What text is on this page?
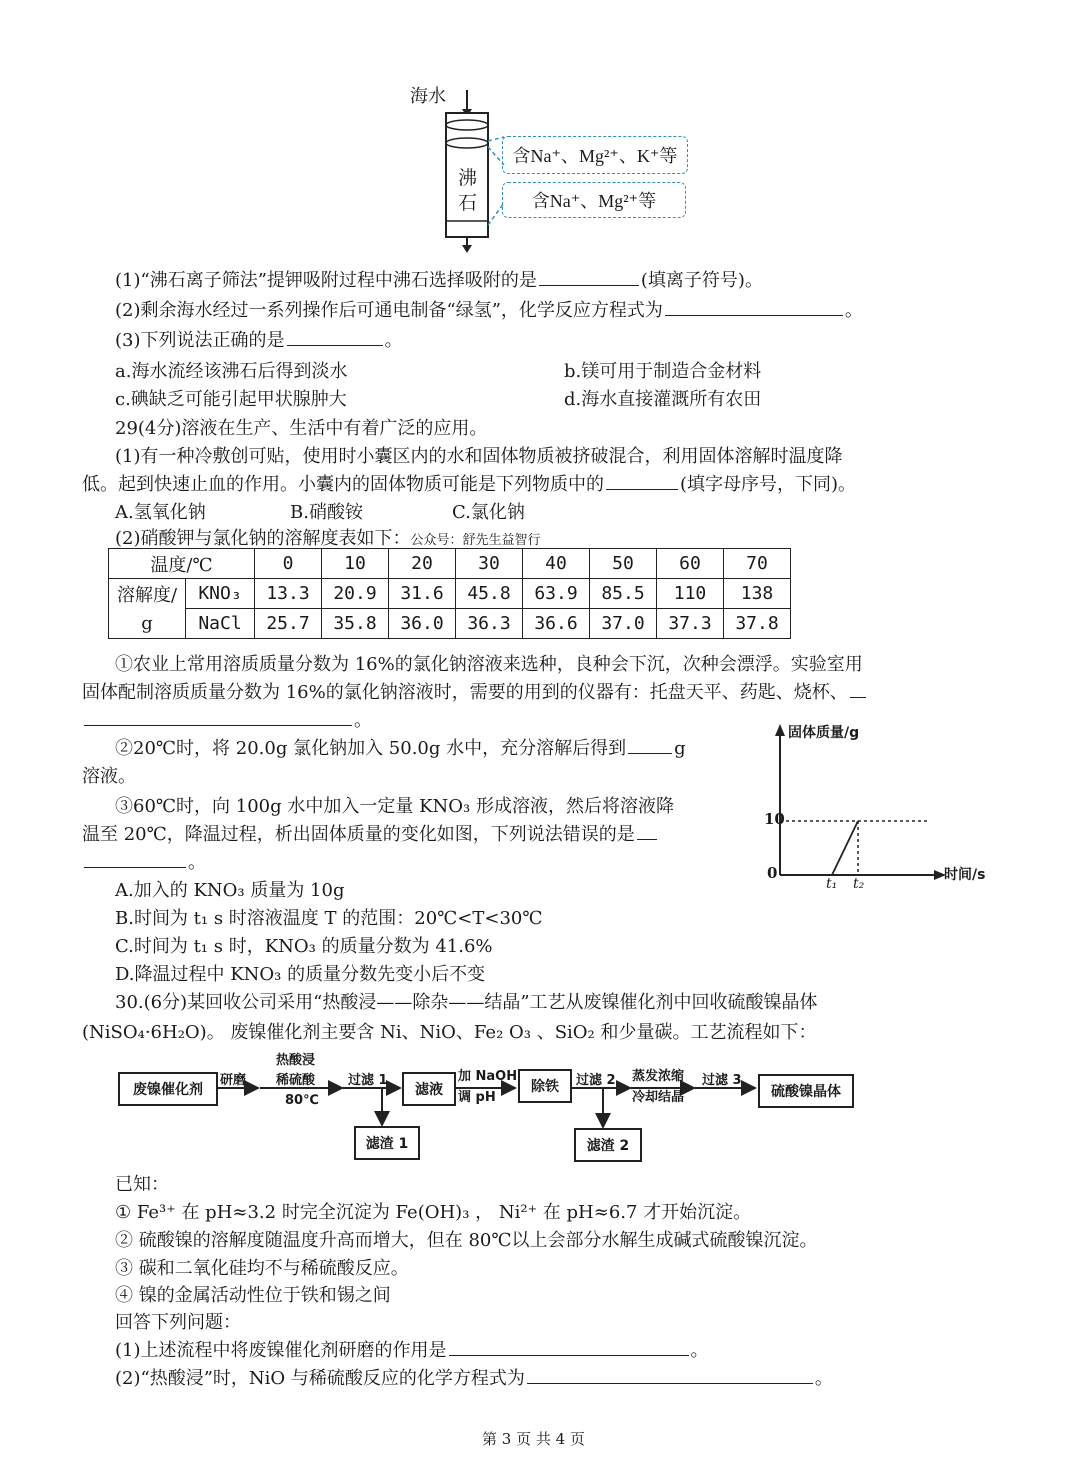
海水
沸
石
含Na⁺、Mg²⁺、K⁺等
含Na⁺、Mg²⁺等
(1)“沸石离子筛法”提钾吸附过程中沸石选择吸附的是	(填离子符号)。
(2)剩余海水经过一系列操作后可通电制备“绿氢”，化学反应方程式为	。
(3)下列说法正确的是	。
a.海水流经该沸石后得到淡水	b.镁可用于制造合金材料
c.碘缺乏可能引起甲状腺肿大	d.海水直接灌溉所有农田
29(4分)溶液在生产、生活中有着广泛的应用。
(1)有一种冷敷创可贴，使用时小囊区内的水和固体物质被挤破混合，利用固体溶解时温度降
低。起到快速止血的作用。小囊内的固体物质可能是下列物质中的	(填字母序号，下同)。
A.氢氧化钠	B.硝酸铵	C.氯化钠
(2)硝酸钾与氯化钠的溶解度表如下：公众号：舒先生益智行
温度/℃		0	10	20	30	40	50	60	70
溶解度/	KNO₃	13.3	20.9	31.6	45.8	63.9	85.5	110	138
g	NaCl	25.7	35.8	36.0	36.3	36.6	37.0	37.3	37.8
①农业上常用溶质质量分数为 16%的氯化钠溶液来选种，良种会下沉，次种会漂浮。实验室用
固体配制溶质质量分数为 16%的氯化钠溶液时，需要的用到的仪器有：托盘天平、药匙、烧杯、
。
②20℃时，将 20.0g 氯化钠加入 50.0g 水中，充分溶解后得到	g
溶液。
③60℃时，向 100g 水中加入一定量 KNO₃ 形成溶液，然后将溶液降
温至 20℃，降温过程，析出固体质量的变化如图，下列说法错误的是
。
A.加入的 KNO₃ 质量为 10g
B.时间为 t₁ s 时溶液温度 T 的范围：20℃<T<30℃
C.时间为 t₁ s 时，KNO₃ 的质量分数为 41.6%
D.降温过程中 KNO₃ 的质量分数先变小后不变
固体质量/g
时间/s
10
0
t₁ t₂
30.(6分)某回收公司采用“热酸浸——除杂——结晶”工艺从废镍催化剂中回收硫酸镍晶体
(NiSO₄·6H₂O)。 废镍催化剂主要含 Ni、NiO、Fe₂ O₃ 、SiO₂ 和少量碳。工艺流程如下：
废镍催化剂
研磨
热酸浸
稀硫酸
80℃
过滤 1
滤液
加 NaOH
调 pH
除铁	过滤 2 蒸发浓缩
冷却结晶
过滤 3
硫酸镍晶体
滤渣 1	滤渣 2
已知：
① Fe³⁺ 在 pH≈3.2 时完全沉淀为 Fe(OH)₃ ， Ni²⁺ 在 pH≈6.7 才开始沉淀。
② 硫酸镍的溶解度随温度升高而增大，但在 80℃以上会部分水解生成碱式硫酸镍沉淀。
③ 碳和二氧化硅均不与稀硫酸反应。
④ 镍的金属活动性位于铁和锡之间
回答下列问题：
(1)上述流程中将废镍催化剂研磨的作用是	。
(2)“热酸浸”时，NiO 与稀硫酸反应的化学方程式为	。
第 3 页 共 4 页
